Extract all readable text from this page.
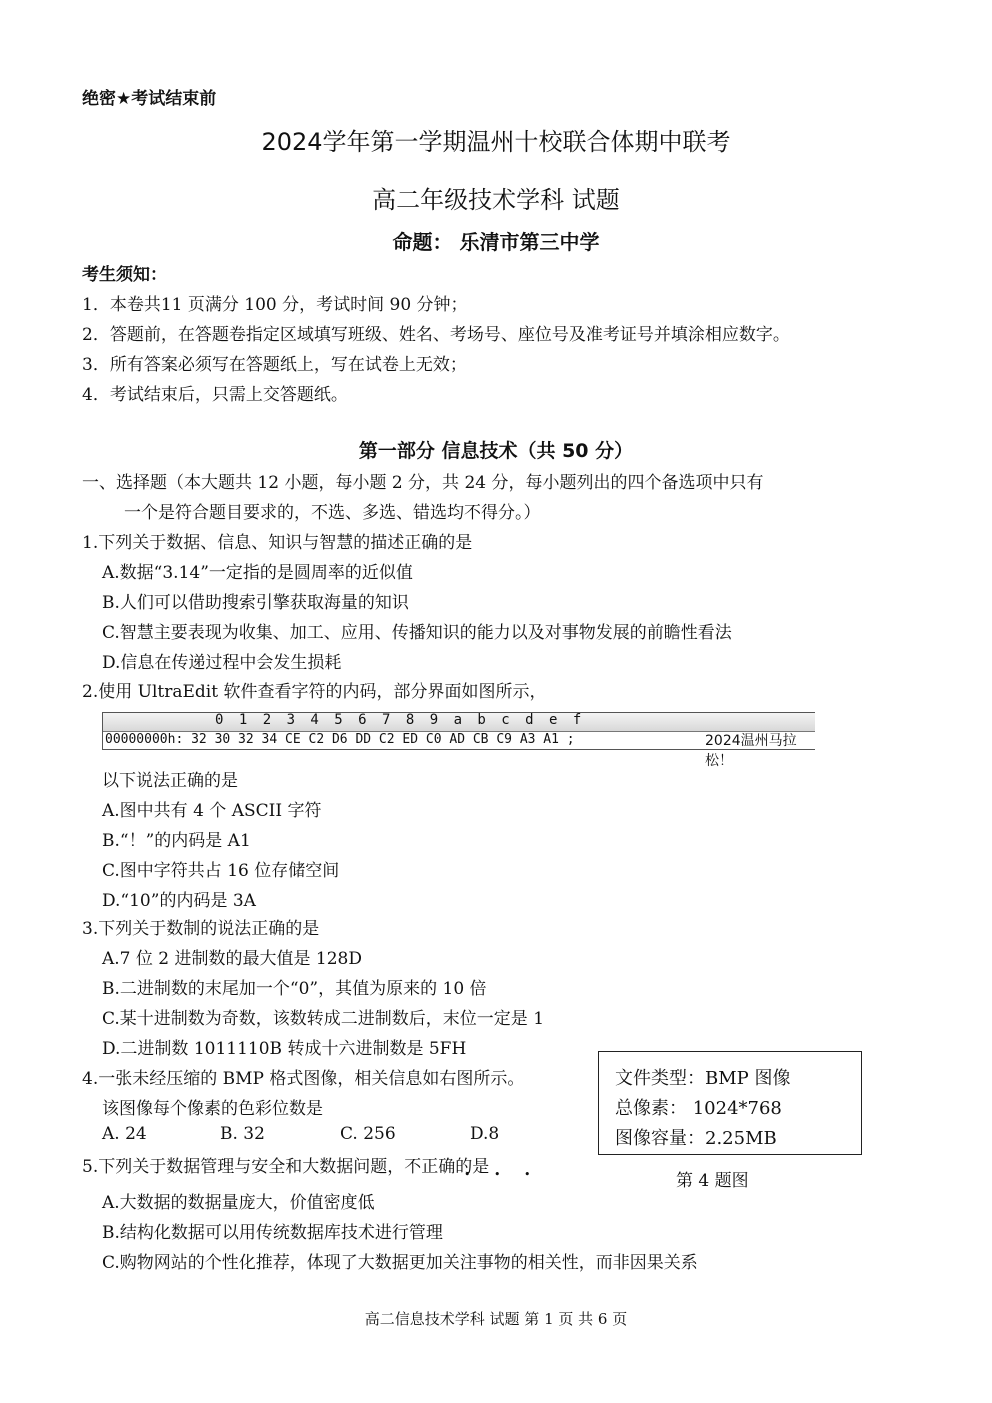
绝密★考试结束前
2024学年第一学期温州十校联合体期中联考
高二年级技术学科 试题
命题： 乐清市第三中学
考生须知：
1．本卷共11 页满分 100 分，考试时间 90 分钟；
2．答题前，在答题卷指定区域填写班级、姓名、考场号、座位号及准考证号并填涂相应数字。
3．所有答案必须写在答题纸上，写在试卷上无效；
4．考试结束后，只需上交答题纸。
第一部分 信息技术（共 50 分）
一、选择题（本大题共 12 小题，每小题 2 分，共 24 分，每小题列出的四个备选项中只有
一个是符合题目要求的，不选、多选、错选均不得分。）
1.下列关于数据、信息、知识与智慧的描述正确的是
A.数据“3.14”一定指的是圆周率的近似值
B.人们可以借助搜索引擎获取海量的知识
C.智慧主要表现为收集、加工、应用、传播知识的能力以及对事物发展的前瞻性看法
D.信息在传递过程中会发生损耗
2.使用 UltraEdit 软件查看字符的内码，部分界面如图所示，
0 1 2 3 4 5 6 7 8 9 a b c d e f
00000000h: 32 30 32 34 CE C2 D6 DD C2 ED C0 AD CB C9 A3 A1 ;	2024温州马拉松！
以下说法正确的是
A.图中共有 4 个 ASCII 字符
B.“！”的内码是 A1
C.图中字符共占 16 位存储空间
D.“10”的内码是 3A
3.下列关于数制的说法正确的是
A.7 位 2 进制数的最大值是 128D
B.二进制数的末尾加一个“0”，其值为原来的 10 倍
C.某十进制数为奇数，该数转成二进制数后，末位一定是 1
D.二进制数 1011110B 转成十六进制数是 5FH
4.一张未经压缩的 BMP 格式图像，相关信息如右图所示。
该图像每个像素的色彩位数是
A. 24	B. 32	C. 256	D.8
文件类型：BMP 图像
总像素： 1024*768
图像容量：2.25MB
第 4 题图
5.下列关于数据管理与安全和大数据问题，不正确的是
• • •
A.大数据的数据量庞大，价值密度低
B.结构化数据可以用传统数据库技术进行管理
C.购物网站的个性化推荐，体现了大数据更加关注事物的相关性，而非因果关系
高二信息技术学科 试题 第 1 页 共 6 页
